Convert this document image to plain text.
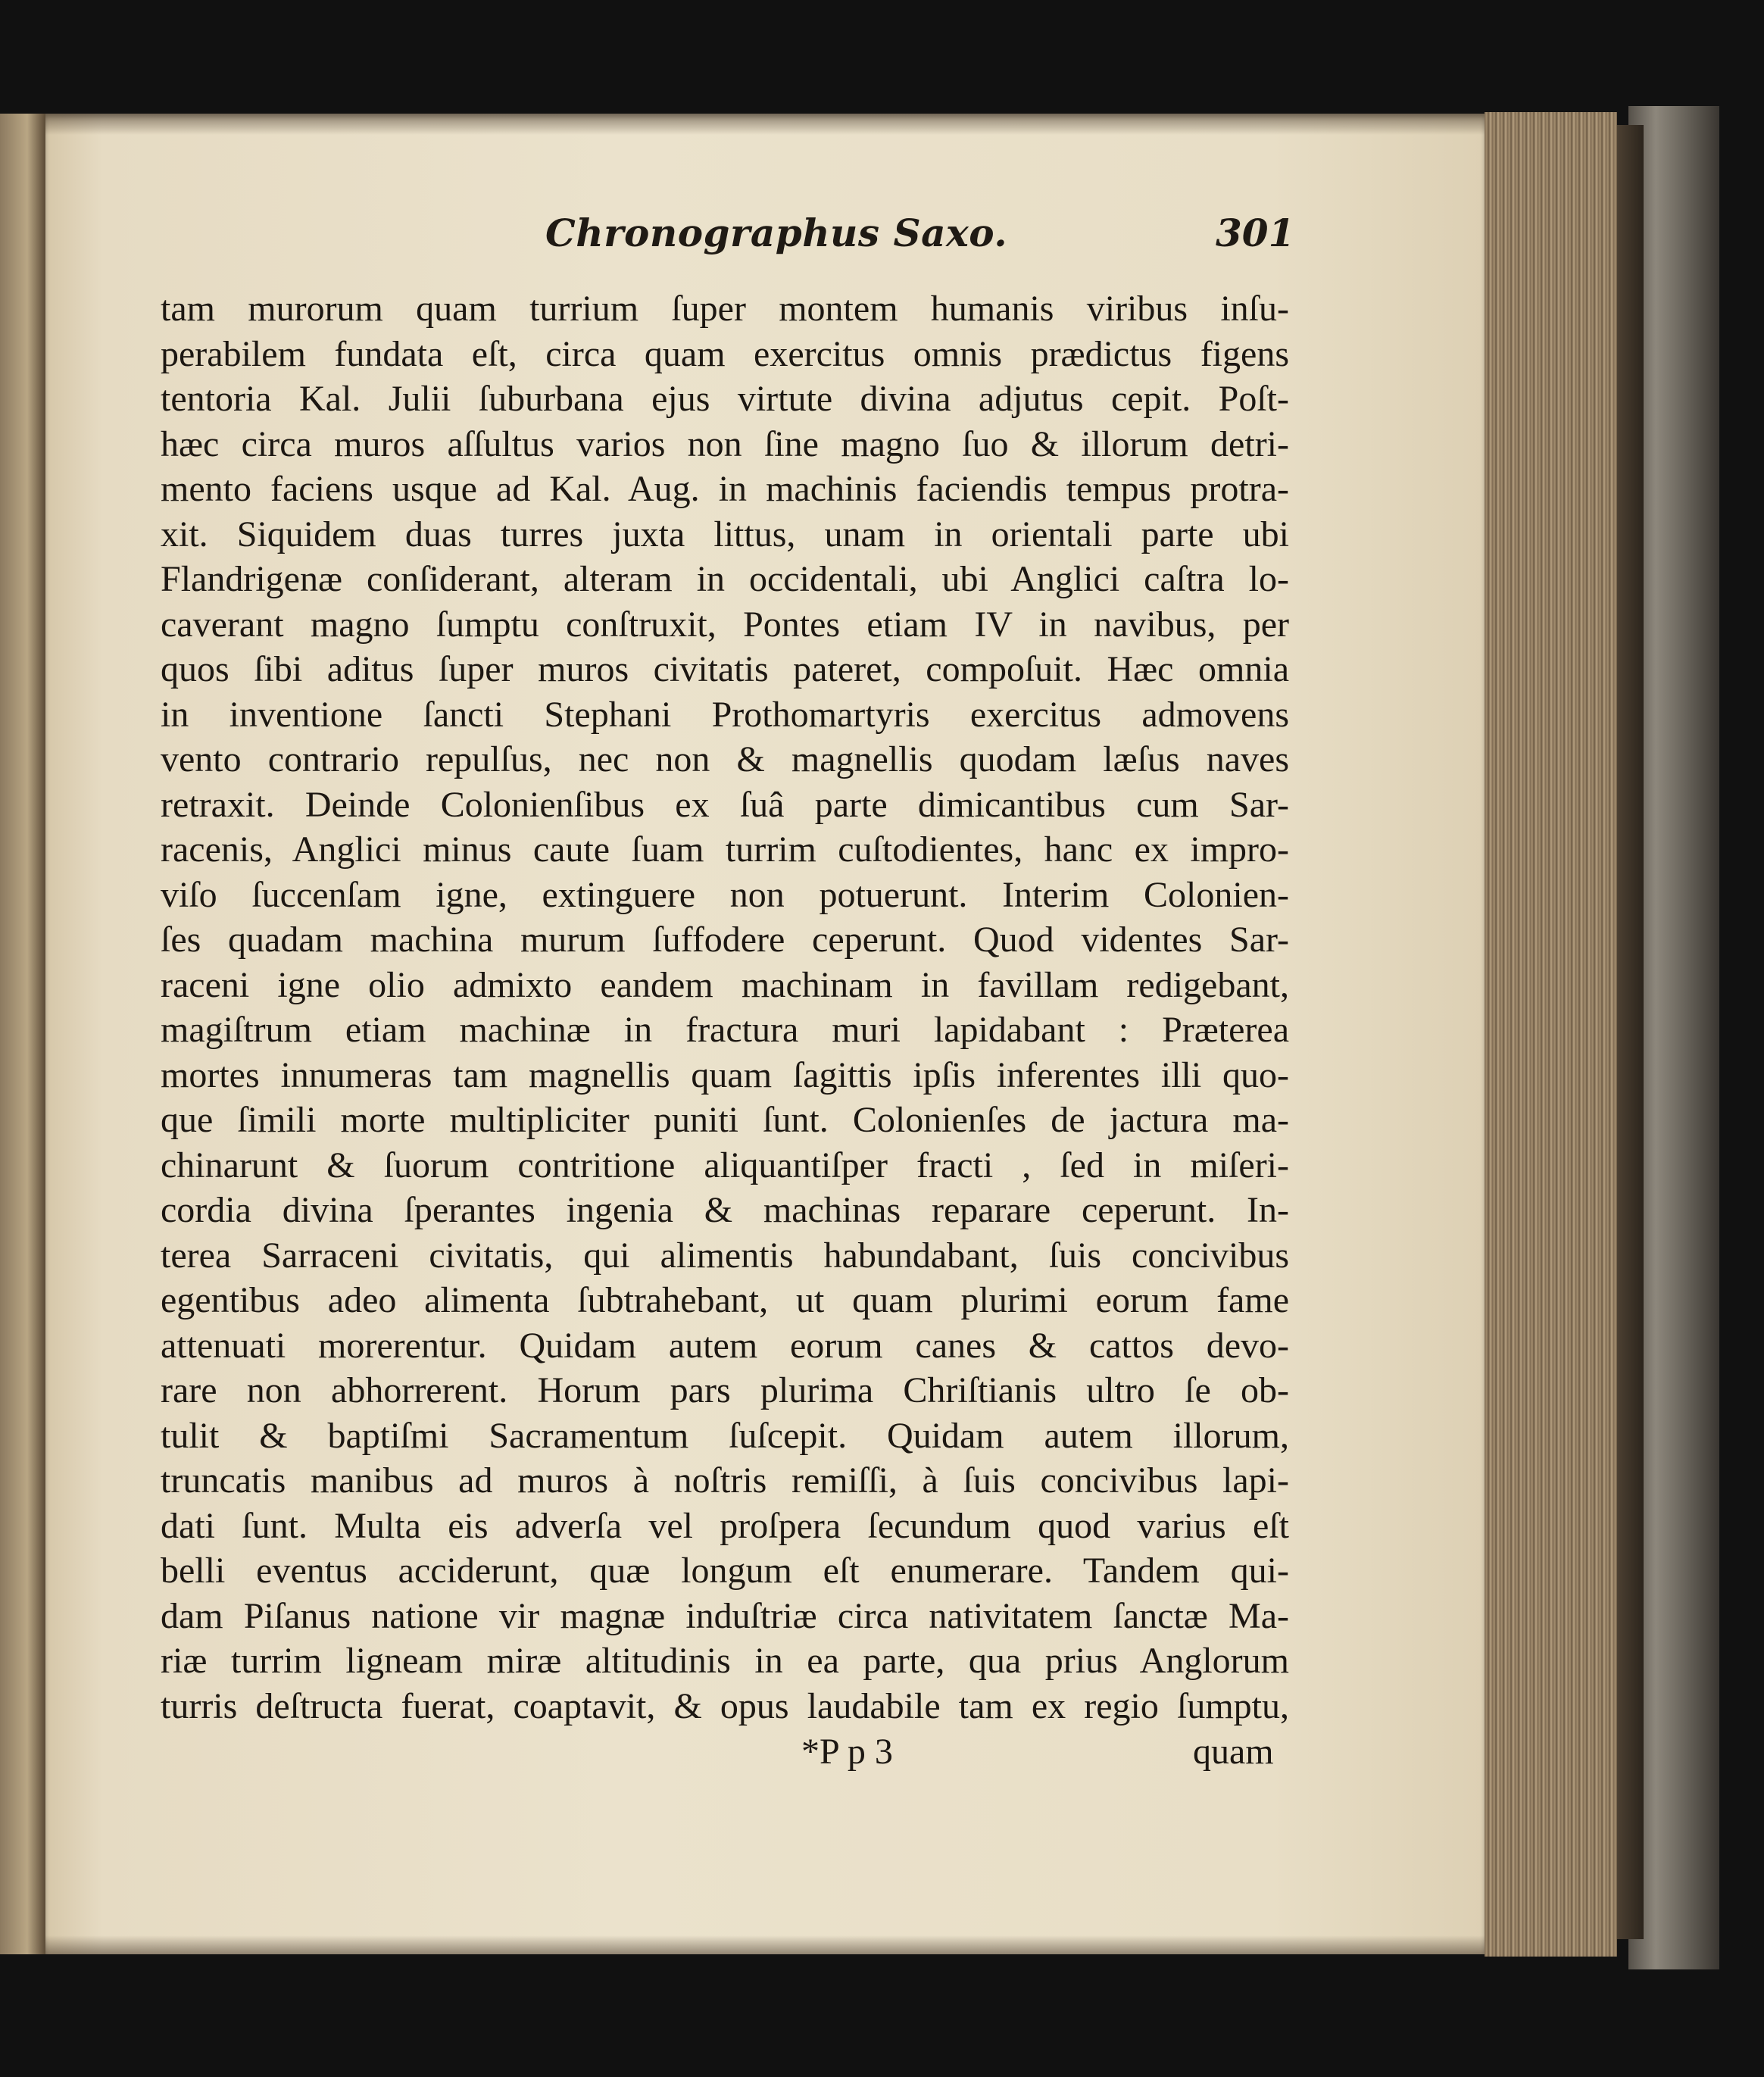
Chronographus Saxo.	301
tam murorum quam turrium ſuper montem humanis viribus inſu-
perabilem fundata eſt, circa quam exercitus omnis prædictus figens
tentoria Kal. Julii ſuburbana ejus virtute divina adjutus cepit. Poſt-
hæc circa muros aſſultus varios non ſine magno ſuo & illorum detri-
mento faciens usque ad Kal. Aug. in machinis faciendis tempus protra-
xit. Siquidem duas turres juxta littus, unam in orientali parte ubi
Flandrigenæ conſiderant, alteram in occidentali, ubi Anglici caſtra lo-
caverant magno ſumptu conſtruxit, Pontes etiam IV in navibus, per
quos ſibi aditus ſuper muros civitatis pateret, compoſuit. Hæc omnia
in inventione ſancti Stephani Prothomartyris exercitus admovens
vento contrario repulſus, nec non & magnellis quodam læſus naves
retraxit. Deinde Colonienſibus ex ſuâ parte dimicantibus cum Sar-
racenis, Anglici minus caute ſuam turrim cuſtodientes, hanc ex impro-
viſo ſuccenſam igne, extinguere non potuerunt. Interim Colonien-
ſes quadam machina murum ſuffodere ceperunt. Quod videntes Sar-
raceni igne olio admixto eandem machinam in favillam redigebant,
magiſtrum etiam machinæ in fractura muri lapidabant : Præterea
mortes innumeras tam magnellis quam ſagittis ipſis inferentes illi quo-
que ſimili morte multipliciter puniti ſunt. Colonienſes de jactura ma-
chinarunt & ſuorum contritione aliquantiſper fracti , ſed in miſeri-
cordia divina ſperantes ingenia & machinas reparare ceperunt. In-
terea Sarraceni civitatis, qui alimentis habundabant, ſuis concivibus
egentibus adeo alimenta ſubtrahebant, ut quam plurimi eorum fame
attenuati morerentur. Quidam autem eorum canes & cattos devo-
rare non abhorrerent. Horum pars plurima Chriſtianis ultro ſe ob-
tulit & baptiſmi Sacramentum ſuſcepit. Quidam autem illorum,
truncatis manibus ad muros à noſtris remiſſi, à ſuis concivibus lapi-
dati ſunt. Multa eis adverſa vel proſpera ſecundum quod varius eſt
belli eventus acciderunt, quæ longum eſt enumerare. Tandem qui-
dam Piſanus natione vir magnæ induſtriæ circa nativitatem ſanctæ Ma-
riæ turrim ligneam miræ altitudinis in ea parte, qua prius Anglorum
turris deſtructa fuerat, coaptavit, & opus laudabile tam ex regio ſumptu,
*P p 3	quam
